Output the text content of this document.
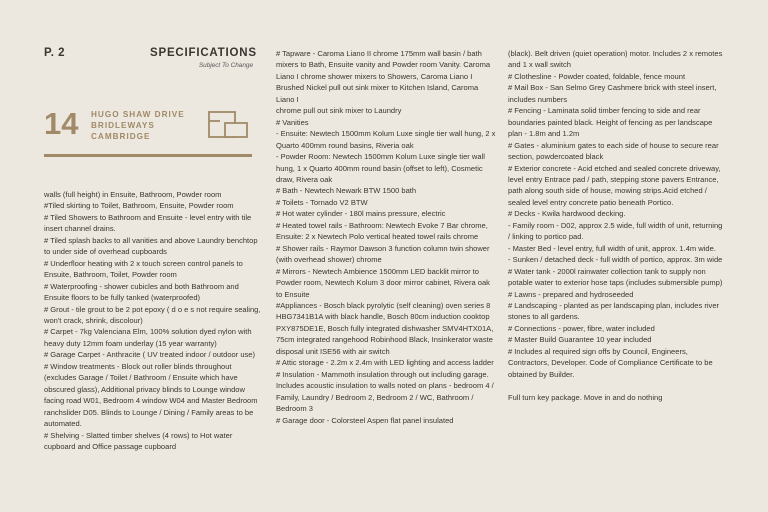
P. 2	SPECIFICATIONS
Subject To Change
14 HUGO SHAW DRIVE
BRIDLEWAYS
CAMBRIDGE

walls (full height) in Ensuite, Bathroom, Powder room

#Tiled skirting to Toilet, Bathroom, Ensuite, Powder room

# Tiled Showers to Bathroom and Ensuite - level entry with tile insert channel drains.

# Tiled splash backs to all vanities and above Laundry benchtop to under side of overhead cupboards

# Underfloor heating with 2 x touch screen control panels to Ensuite, Bathroom, Toilet, Powder room

# Waterproofing - shower cubicles and both Bathroom and Ensuite floors to be fully tanked (waterproofed)

# Grout - tile grout to be 2 pot epoxy ( d o e s not require sealing, won't crack, shrink, discolour)

# Carpet - 7kg Valenciana Elm, 100% solution dyed nylon with heavy duty 12mm foam underlay (15 year warranty)

# Garage Carpet - Anthracite ( UV treated indoor / outdoor use)

# Window treatments - Block out roller blinds throughout (excludes Garage / Toilet / Bathroom / Ensuite which have obscured glass), Additional privacy blinds to Lounge window facing road W01, Bedroom 4 window W04 and Master Bedroom ranchslider D05. Blinds to Lounge / Dining / Family areas to be automated.

# Shelving - Slatted timber shelves (4 rows) to Hot water cupboard and Office passage cupboard

# Tapware - Caroma Liano II chrome 175mm wall basin / bath mixers to Bath, Ensuite vanity and Powder room Vanity. Caroma Liano I chrome shower mixers to Showers, Caroma Liano I Brushed Nickel pull out sink mixer to Kitchen Island, Caroma Liano I

chrome pull out sink mixer to Laundry

# Vanities

- Ensuite: Newtech 1500mm Kolum Luxe single tier wall hung, 2 x Quarto 400mm round basins, Riveria oak

- Powder Room: Newtech 1500mm Kolum Luxe single tier wall hung, 1 x Quarto 400mm round basin (offset to left), Cosmetic draw, Rivera oak

# Bath - Newtech Newark BTW 1500 bath

# Toilets - Tornado V2 BTW

# Hot water cylinder - 180l mains pressure, electric

# Heated towel rails - Bathroom: Newtech Evoke 7 Bar chrome, Ensuite: 2 x Newtech Polo vertical heated towel rails chrome

# Shower rails - Raymor Dawson 3 function column twin shower (with overhead shower) chrome

# Mirrors - Newtech Ambience 1500mm LED backlit mirror to Powder room, Newtech Kolum 3 door mirror cabinet, Rivera oak to Ensuite

#Appliances - Bosch black pyrolytic (self cleaning) oven series 8 HBG7341B1A with black handle, Bosch 80cm induction cooktop PXY875DE1E, Bosch fully integrated dishwasher SMV4HTX01A, 75cm integrated rangehood Robinhood Black, Insinkerator waste disposal unit ISE56 with air switch

# Attic storage - 2.2m x 2.4m with LED lighting and access ladder

# Insulation - Mammoth insulation through out including garage. Includes acoustic insulation to walls noted on plans - bedroom 4 / Family, Laundry / Bedroom 2, Bedroom 2 / WC, Bathroom / Bedroom 3

# Garage door - Colorsteel Aspen flat panel insulated

(black). Belt driven (quiet operation) motor. Includes 2 x remotes and 1 x wall switch

# Clothesline - Powder coated, foldable, fence mount

# Mail Box - San Selmo Grey Cashmere brick with steel insert, includes numbers

# Fencing - Laminata solid timber fencing to side and rear boundaries painted black. Height of fencing as per landscape plan - 1.8m and 1.2m

# Gates - aluminium gates to each side of house to secure rear section, powdercoated black

# Exterior concrete - Acid etched and sealed concrete driveway, level entry Entrace pad / path, stepping stone pavers Entrance, path along south side of house, mowing strips.Acid etched / sealed level entry concrete patio beneath Portico.

# Decks - Kwila hardwood decking.

- Family room - D02, approx 2.5 wide, full width of unit, returning / linking to portico pad.

- Master Bed - level entry, full width of unit, approx. 1.4m wide.

- Sunken / detached deck - full width of portico, approx. 3m wide

# Water tank - 2000l rainwater collection tank to supply non potable water to exterior hose taps (includes submersible pump)

# Lawns - prepared and hydroseeded

# Landscaping - planted as per landscaping plan, includes river stones to all gardens.

# Connections - power, fibre, water included

# Master Build Guarantee 10 year included

# Includes al required sign offs by Council, Engineers, Contractors, Developer. Code of Compliance Certificate to be obtained by Builder.

Full turn key package. Move in and do nothing
